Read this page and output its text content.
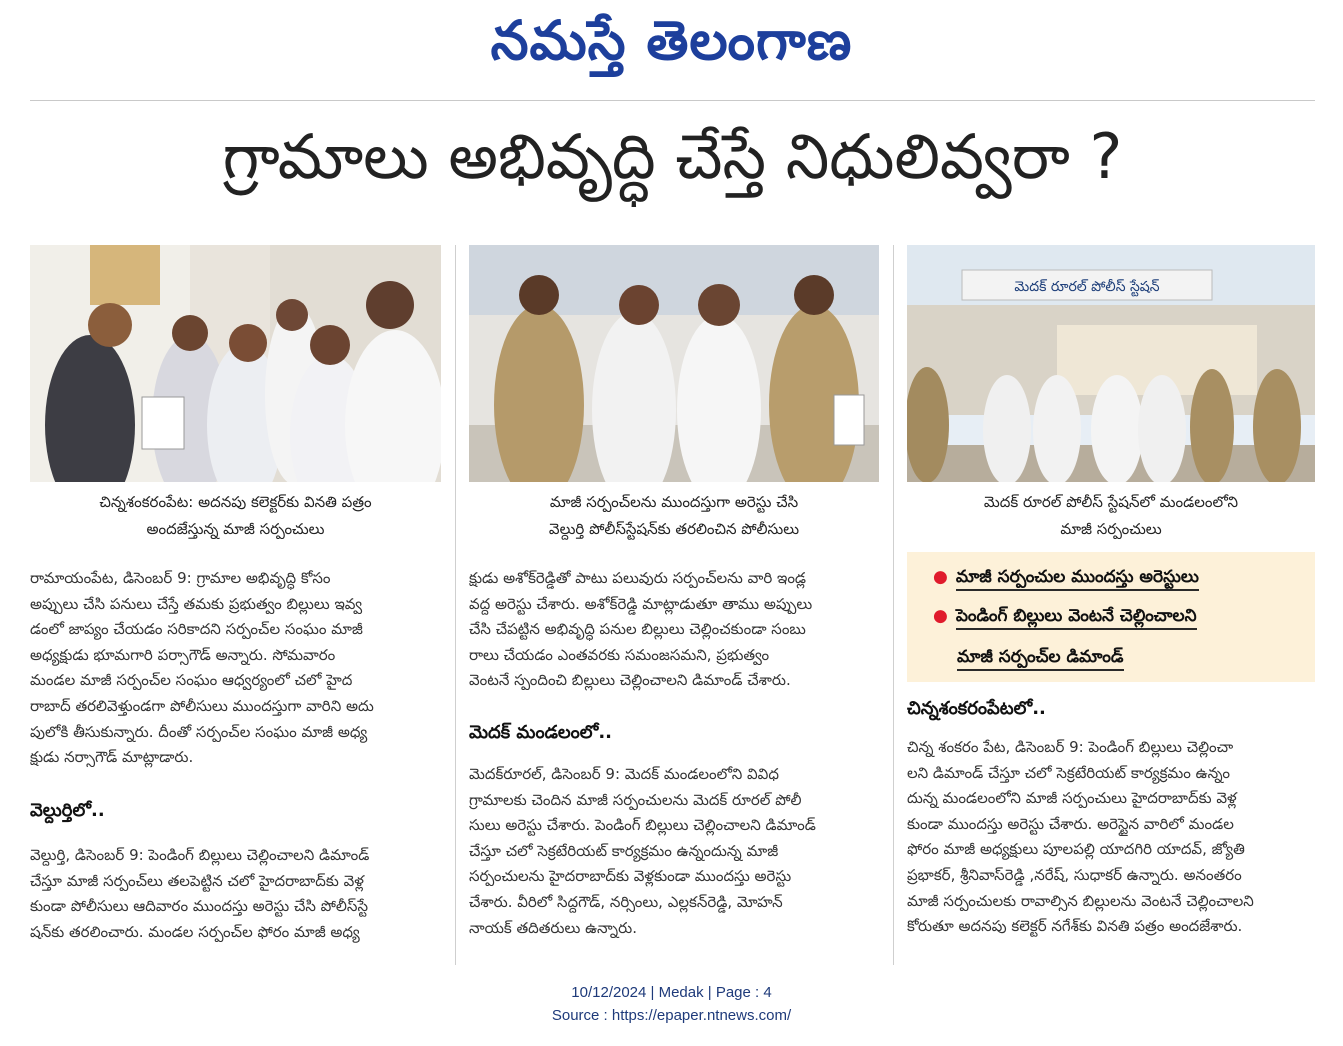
నమస్తే తెలంగాణ
గ్రామాలు అభివృద్ధి చేస్తే నిధులివ్వరా ?
మెదక్ రూరల్ పోలీస్ స్టేషన్
చిన్నశంకరంపేట: అదనపు కలెక్టర్‌కు వినతి పత్రం
అందజేస్తున్న మాజీ సర్పంచులు
మాజీ సర్పంచ్‌లను ముందస్తుగా అరెస్టు చేసి
వెల్దుర్తి పోలీస్‌స్టేషన్‌కు తరలించిన పోలీసులు
మెదక్ రూరల్ పోలీస్ స్టేషన్‌లో మండలంలోని
మాజీ సర్పంచులు
రామాయంపేట, డిసెంబర్ 9: గ్రామాల అభివృద్ధి కోసం
అప్పులు చేసి పనులు చేస్తే తమకు ప్రభుత్వం బిల్లులు ఇవ్వ
డంలో జాప్యం చేయడం సరికాదని సర్పంచ్‌ల సంఘం మాజీ
అధ్యక్షుడు భూమగారి పర్సాగౌడ్ అన్నారు. సోమవారం
మండల మాజీ సర్పంచ్‌ల సంఘం ఆధ్వర్యంలో చలో హైద
రాబాద్ తరలివెళ్తుండగా పోలీసులు ముందస్తుగా వారిని అదు
పులోకి తీసుకున్నారు. దీంతో సర్పంచ్‌ల సంఘం మాజీ అధ్య
క్షుడు నర్సాగౌడ్ మాట్లాడారు.
వెల్దుర్తిలో..
వెల్దుర్తి, డిసెంబర్ 9: పెండింగ్ బిల్లులు చెల్లించాలని డిమాండ్
చేస్తూ మాజీ సర్పంచ్‌లు తలపెట్టిన చలో హైదరాబాద్‌కు వెళ్ల
కుండా పోలీసులు ఆదివారం ముందస్తు అరెస్టు చేసి పోలీస్‌స్టే
షన్‌కు తరలించారు. మండల సర్పంచ్‌ల ఫోరం మాజీ అధ్య
క్షుడు అశోక్‌రెడ్డితో పాటు పలువురు సర్పంచ్‌లను వారి ఇండ్ల
వద్ద అరెస్టు చేశారు. అశోక్‌రెడ్డి మాట్లాడుతూ తాము అప్పులు
చేసి చేపట్టిన అభివృద్ధి పనుల బిల్లులు చెల్లించకుండా సంబు
రాలు చేయడం ఎంతవరకు సమంజసమని, ప్రభుత్వం
వెంటనే స్పందించి బిల్లులు చెల్లించాలని డిమాండ్ చేశారు.
మెదక్ మండలంలో..
మెదక్‌రూరల్, డిసెంబర్ 9: మెదక్ మండలంలోని వివిధ
గ్రామాలకు చెందిన మాజీ సర్పంచులను మెదక్ రూరల్ పోలీ
సులు అరెస్టు చేశారు. పెండింగ్ బిల్లులు చెల్లించాలని డిమాండ్
చేస్తూ చలో సెక్రటేరియట్ కార్యక్రమం ఉన్నందున్న మాజీ
సర్పంచులను హైదరాబాద్‌కు వెళ్లకుండా ముందస్తు అరెస్టు
చేశారు. వీరిలో సిద్దగౌడ్, నర్సింలు, ఎల్లకన్‌రెడ్డి, మోహన్
నాయక్ తదితరులు ఉన్నారు.
● మాజీ సర్పంచుల ముందస్తు అరెస్టులు
● పెండింగ్ బిల్లులు వెంటనే చెల్లించాలని
మాజీ సర్పంచ్‌ల డిమాండ్
చిన్నశంకరంపేటలో..
చిన్న శంకరం పేట, డిసెంబర్ 9: పెండింగ్ బిల్లులు చెల్లించా
లని డిమాండ్ చేస్తూ చలో సెక్రటేరియట్ కార్యక్రమం ఉన్నం
దున్న మండలంలోని మాజీ సర్పంచులు హైదరాబాద్‌కు వెళ్ల
కుండా ముందస్తు అరెస్టు చేశారు. అరెస్టైన వారిలో మండల
ఫోరం మాజీ అధ్యక్షులు పూలపల్లి యాదగిరి యాదవ్, జ్యోతి
ప్రభాకర్, శ్రీనివాస్‌రెడ్డి ,నరేష్, సుధాకర్ ఉన్నారు. అనంతరం
మాజీ సర్పంచులకు రావాల్సిన బిల్లులను వెంటనే చెల్లించాలని
కోరుతూ అదనపు కలెక్టర్ నగేశ్‌కు వినతి పత్రం అందజేశారు.
10/12/2024 | Medak | Page : 4
Source : https://epaper.ntnews.com/
